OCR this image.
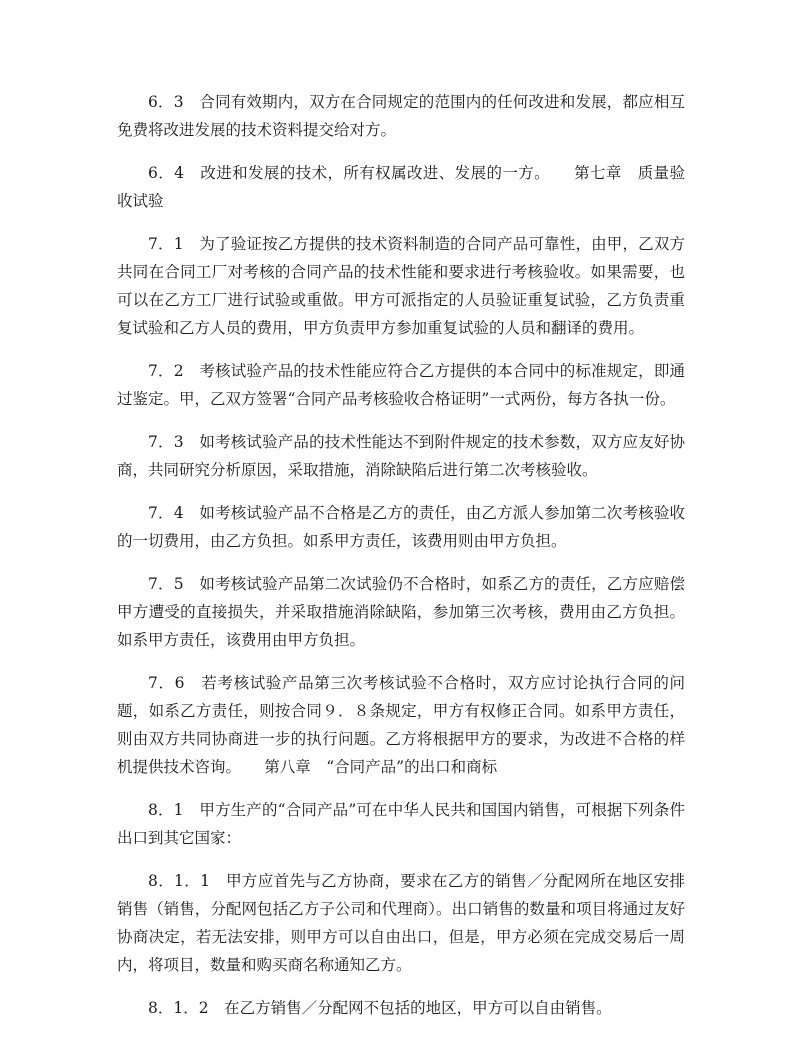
6．3　合同有效期内，双方在合同规定的范围内的任何改进和发展，都应相互免费将改进发展的技术资料提交给对方。

6．4　改进和发展的技术，所有权属改进、发展的一方。　　第七章　质量验收试验

7．1　为了验证按乙方提供的技术资料制造的合同产品可靠性，由甲，乙双方共同在合同工厂对考核的合同产品的技术性能和要求进行考核验收。如果需要，也可以在乙方工厂进行试验或重做。甲方可派指定的人员验证重复试验，乙方负责重复试验和乙方人员的费用，甲方负责甲方参加重复试验的人员和翻译的费用。

7．2　考核试验产品的技术性能应符合乙方提供的本合同中的标准规定，即通过鉴定。甲，乙双方签署“合同产品考核验收合格证明”一式两份，每方各执一份。

7．3　如考核试验产品的技术性能达不到附件规定的技术参数，双方应友好协商，共同研究分析原因，采取措施，消除缺陷后进行第二次考核验收。

7．4　如考核试验产品不合格是乙方的责任，由乙方派人参加第二次考核验收的一切费用，由乙方负担。如系甲方责任，该费用则由甲方负担。

7．5　如考核试验产品第二次试验仍不合格时，如系乙方的责任，乙方应赔偿甲方遭受的直接损失，并采取措施消除缺陷，参加第三次考核，费用由乙方负担。如系甲方责任，该费用由甲方负担。

7．6　若考核试验产品第三次考核试验不合格时，双方应讨论执行合同的问题，如系乙方责任，则按合同９．８条规定，甲方有权修正合同。如系甲方责任，则由双方共同协商进一步的执行问题。乙方将根据甲方的要求，为改进不合格的样机提供技术咨询。　　第八章　“合同产品”的出口和商标

8．1　甲方生产的“合同产品”可在中华人民共和国国内销售，可根据下列条件出口到其它国家：

8．1．1　甲方应首先与乙方协商，要求在乙方的销售／分配网所在地区安排销售（销售，分配网包括乙方子公司和代理商）。出口销售的数量和项目将通过友好协商决定，若无法安排，则甲方可以自由出口，但是，甲方必须在完成交易后一周内，将项目，数量和购买商名称通知乙方。

8．1．2　在乙方销售／分配网不包括的地区，甲方可以自由销售。
